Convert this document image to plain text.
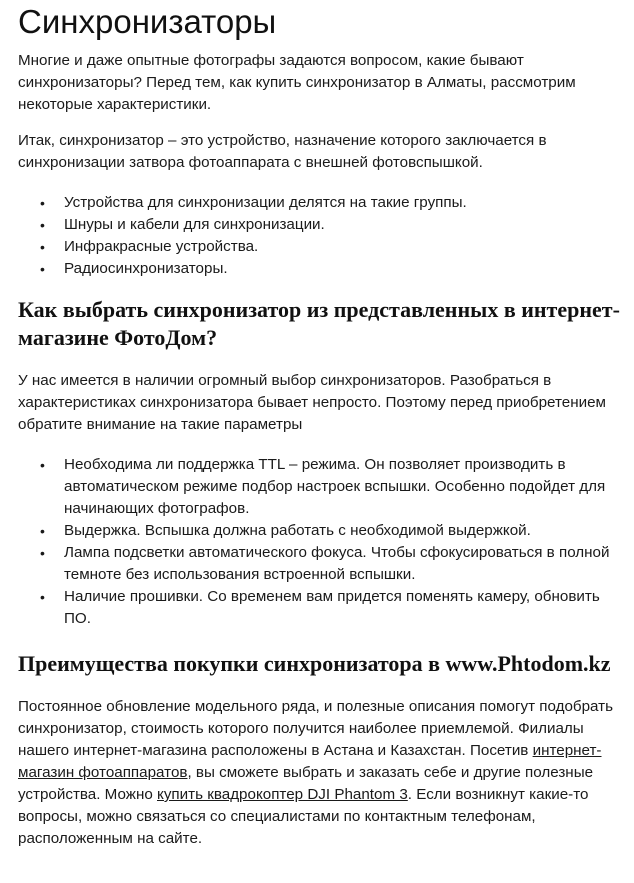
Синхронизаторы

Многие и даже опытные фотографы задаются вопросом, какие бывают синхронизаторы? Перед тем, как купить синхронизатор в Алматы, рассмотрим некоторые характеристики.

Итак, синхронизатор – это устройство, назначение которого заключается в синхронизации затвора фотоаппарата с внешней фотовспышкой.

• Устройства для синхронизации делятся на такие группы.
• Шнуры и кабели для синхронизации.
• Инфракрасные устройства.
• Радиосинхронизаторы.
Как выбрать синхронизатор из представленных в интернет-магазине ФотоДом?

У нас имеется в наличии огромный выбор синхронизаторов. Разобраться в характеристиках синхронизатора бывает непросто. Поэтому перед приобретением обратите внимание на такие параметры

• Необходима ли поддержка TTL – режима. Он позволяет производить в автоматическом режиме подбор настроек вспышки. Особенно подойдет для начинающих фотографов.
• Выдержка. Вспышка должна работать с необходимой выдержкой.
• Лампа подсветки автоматического фокуса. Чтобы сфокусироваться в полной темноте без использования встроенной вспышки.
• Наличие прошивки. Со временем вам придется поменять камеру, обновить ПО.
Преимущества покупки синхронизатора в www.Phtodom.kz

Постоянное обновление модельного ряда, и полезные описания помогут подобрать синхронизатор, стоимость которого получится наиболее приемлемой. Филиалы нашего интернет-магазина расположены в Астана и Казахстан. Посетив интернет-магазин фотоаппаратов, вы сможете выбрать и заказать себе и другие полезные устройства. Можно купить квадрокоптер DJI Phantom 3. Если возникнут какие-то вопросы, можно связаться со специалистами по контактным телефонам, расположенным на сайте.
